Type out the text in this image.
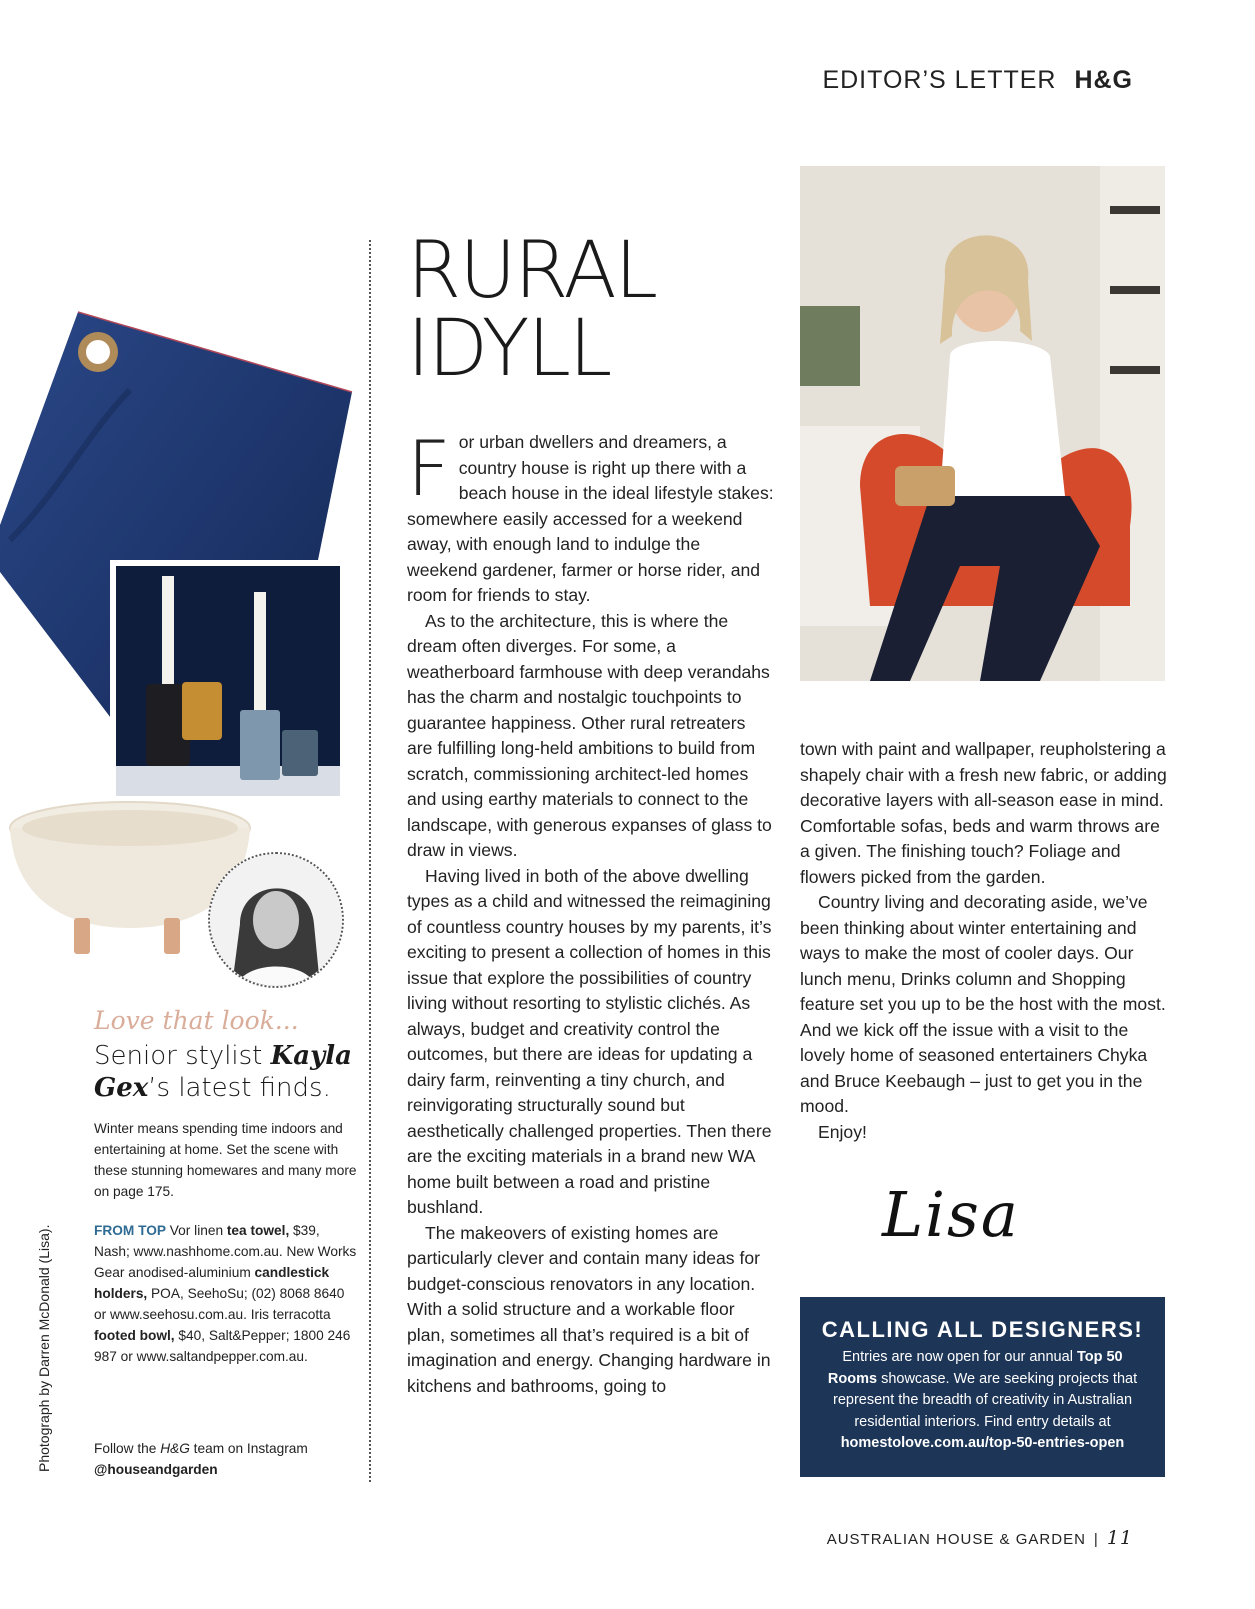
EDITOR’S LETTER H&G
Love that look...
Senior stylist Kayla Gex’s latest finds.
Winter means spending time indoors and entertaining at home. Set the scene with these stunning homewares and many more on page 175.
FROM TOP Vor linen tea towel, $39, Nash; www.nashhome.com.au. New Works Gear anodised-aluminium candlestick holders, POA, SeehoSu; (02) 8068 8640 or www.seehosu.com.au. Iris terracotta footed bowl, $40, Salt&Pepper; 1800 246 987 or www.saltandpepper.com.au.
Follow the H&G team on Instagram
@houseandgarden
Photograph by Darren McDonald (Lisa).
RURAL
IDYLL

For urban dwellers and dreamers, a country house is right up there with a beach house in the ideal lifestyle stakes: somewhere easily accessed for a weekend away, with enough land to indulge the weekend gardener, farmer or horse rider, and room for friends to stay.

As to the architecture, this is where the dream often diverges. For some, a weatherboard farmhouse with deep verandahs has the charm and nostalgic touchpoints to guarantee happiness. Other rural retreaters are fulfilling long-held ambitions to build from scratch, commissioning architect-led homes and using earthy materials to connect to the landscape, with generous expanses of glass to draw in views.

Having lived in both of the above dwelling types as a child and witnessed the reimagining of countless country houses by my parents, it’s exciting to present a collection of homes in this issue that explore the possibilities of country living without resorting to stylistic clichés. As always, budget and creativity control the outcomes, but there are ideas for updating a dairy farm, reinventing a tiny church, and reinvigorating structurally sound but aesthetically challenged properties. Then there are the exciting materials in a brand new WA home built between a road and pristine bushland.

The makeovers of existing homes are particularly clever and contain many ideas for budget-conscious renovators in any location. With a solid structure and a workable floor plan, sometimes all that’s required is a bit of imagination and energy. Changing hardware in kitchens and bathrooms, going to

town with paint and wallpaper, reupholstering a shapely chair with a fresh new fabric, or adding decorative layers with all-season ease in mind. Comfortable sofas, beds and warm throws are a given. The finishing touch? Foliage and flowers picked from the garden.

Country living and decorating aside, we’ve been thinking about winter entertaining and ways to make the most of cooler days. Our lunch menu, Drinks column and Shopping feature set you up to be the host with the most. And we kick off the issue with a visit to the lovely home of seasoned entertainers Chyka and Bruce Keebaugh – just to get you in the mood.

Enjoy!

Lisa
CALLING ALL DESIGNERS!
Entries are now open for our annual Top 50 Rooms showcase. We are seeking projects that represent the breadth of creativity in Australian residential interiors. Find entry details at
homestolove.com.au/top-50-entries-open
AUSTRALIAN HOUSE & GARDEN | 11
